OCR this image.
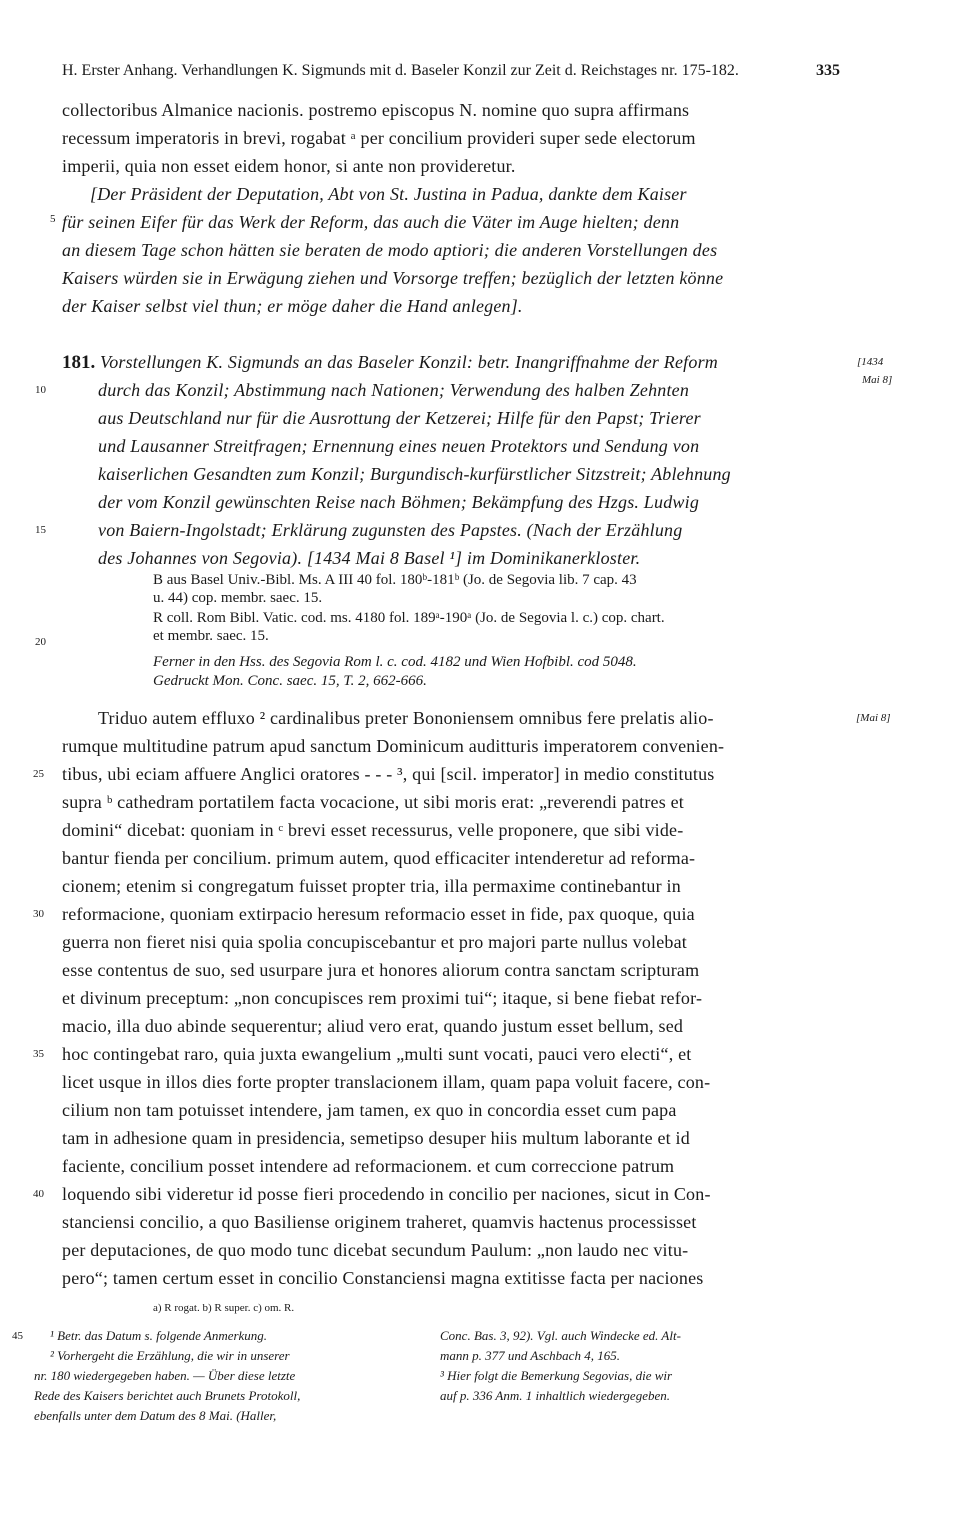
H. Erster Anhang. Verhandlungen K. Sigmunds mit d. Baseler Konzil zur Zeit d. Reichstages nr. 175-182.	335
collectoribus Almanice nacionis. postremo episcopus N. nomine quo supra affirmans
recessum imperatoris in brevi, rogabat ᵃ per concilium provideri super sede electorum
imperii, quia non esset eidem honor, si ante non provideretur.
[Der Präsident der Deputation, Abt von St. Justina in Padua, dankte dem Kaiser
für seinen Eifer für das Werk der Reform, das auch die Väter im Auge hielten; denn
an diesem Tage schon hätten sie beraten de modo aptiori; die anderen Vorstellungen des
Kaisers würden sie in Erwägung ziehen und Vorsorge treffen; bezüglich der letzten könne
der Kaiser selbst viel thun; er möge daher die Hand anlegen].
181. Vorstellungen K. Sigmunds an das Baseler Konzil: betr. Inangriffnahme der Reform
durch das Konzil; Abstimmung nach Nationen; Verwendung des halben Zehnten
aus Deutschland nur für die Ausrottung der Ketzerei; Hilfe für den Papst; Trierer
und Lausanner Streitfragen; Ernennung eines neuen Protektors und Sendung von
kaiserlichen Gesandten zum Konzil; Burgundisch-kurfürstlicher Sitzstreit; Ablehnung
der vom Konzil gewünschten Reise nach Böhmen; Bekämpfung des Hzgs. Ludwig
von Baiern-Ingolstadt; Erklärung zugunsten des Papstes. (Nach der Erzählung
des Johannes von Segovia). [1434 Mai 8 Basel ¹] im Dominikanerkloster.
[1434
Mai 8]
[Mai 8]
B aus Basel Univ.-Bibl. Ms. A III 40 fol. 180ᵇ-181ᵇ (Jo. de Segovia lib. 7 cap. 43
u. 44) cop. membr. saec. 15.
R coll. Rom Bibl. Vatic. cod. ms. 4180 fol. 189ᵃ-190ᵃ (Jo. de Segovia l. c.) cop. chart.
et membr. saec. 15.
Ferner in den Hss. des Segovia Rom l. c. cod. 4182 und Wien Hofbibl. cod 5048.
Gedruckt Mon. Conc. saec. 15, T. 2, 662-666.
Triduo autem effluxo ² cardinalibus preter Bononiensem omnibus fere prelatis alio-
rumque multitudine patrum apud sanctum Dominicum auditturis imperatorem convenien-
tibus, ubi eciam affuere Anglici oratores - - - ³, qui [scil. imperator] in medio constitutus
supra ᵇ cathedram portatilem facta vocacione, ut sibi moris erat: „reverendi patres et
domini“ dicebat: quoniam in ᶜ brevi esset recessurus, velle proponere, que sibi vide-
bantur fienda per concilium. primum autem, quod efficaciter intenderetur ad reforma-
cionem; etenim si congregatum fuisset propter tria, illa permaxime continebantur in
reformacione, quoniam extirpacio heresum reformacio esset in fide, pax quoque, quia
guerra non fieret nisi quia spolia concupiscebantur et pro majori parte nullus volebat
esse contentus de suo, sed usurpare jura et honores aliorum contra sanctam scripturam
et divinum preceptum: „non concupisces rem proximi tui“; itaque, si bene fiebat refor-
macio, illa duo abinde sequerentur; aliud vero erat, quando justum esset bellum, sed
hoc contingebat raro, quia juxta ewangelium „multi sunt vocati, pauci vero electi“, et
licet usque in illos dies forte propter translacionem illam, quam papa voluit facere, con-
cilium non tam potuisset intendere, jam tamen, ex quo in concordia esset cum papa
tam in adhesione quam in presidencia, semetipso desuper hiis multum laborante et id
faciente, concilium posset intendere ad reformacionem. et cum correccione patrum
loquendo sibi videretur id posse fieri procedendo in concilio per naciones, sicut in Con-
stanciensi concilio, a quo Basiliense originem traheret, quamvis hactenus processisset
per deputaciones, de quo modo tunc dicebat secundum Paulum: „non laudo nec vitu-
pero“; tamen certum esset in concilio Constanciensi magna extitisse facta per naciones
a) R rogat. b) R super. c) om. R.
¹ Betr. das Datum s. folgende Anmerkung.
² Vorhergeht die Erzählung, die wir in unserer
nr. 180 wiedergegeben haben. — Über diese letzte
Rede des Kaisers berichtet auch Brunets Protokoll,
ebenfalls unter dem Datum des 8 Mai. (Haller,
Conc. Bas. 3, 92). Vgl. auch Windecke ed. Alt-
mann p. 377 und Aschbach 4, 165.
³ Hier folgt die Bemerkung Segovias, die wir
auf p. 336 Anm. 1 inhaltlich wiedergegeben.
5
10
15
20
25
30
35
40
45
